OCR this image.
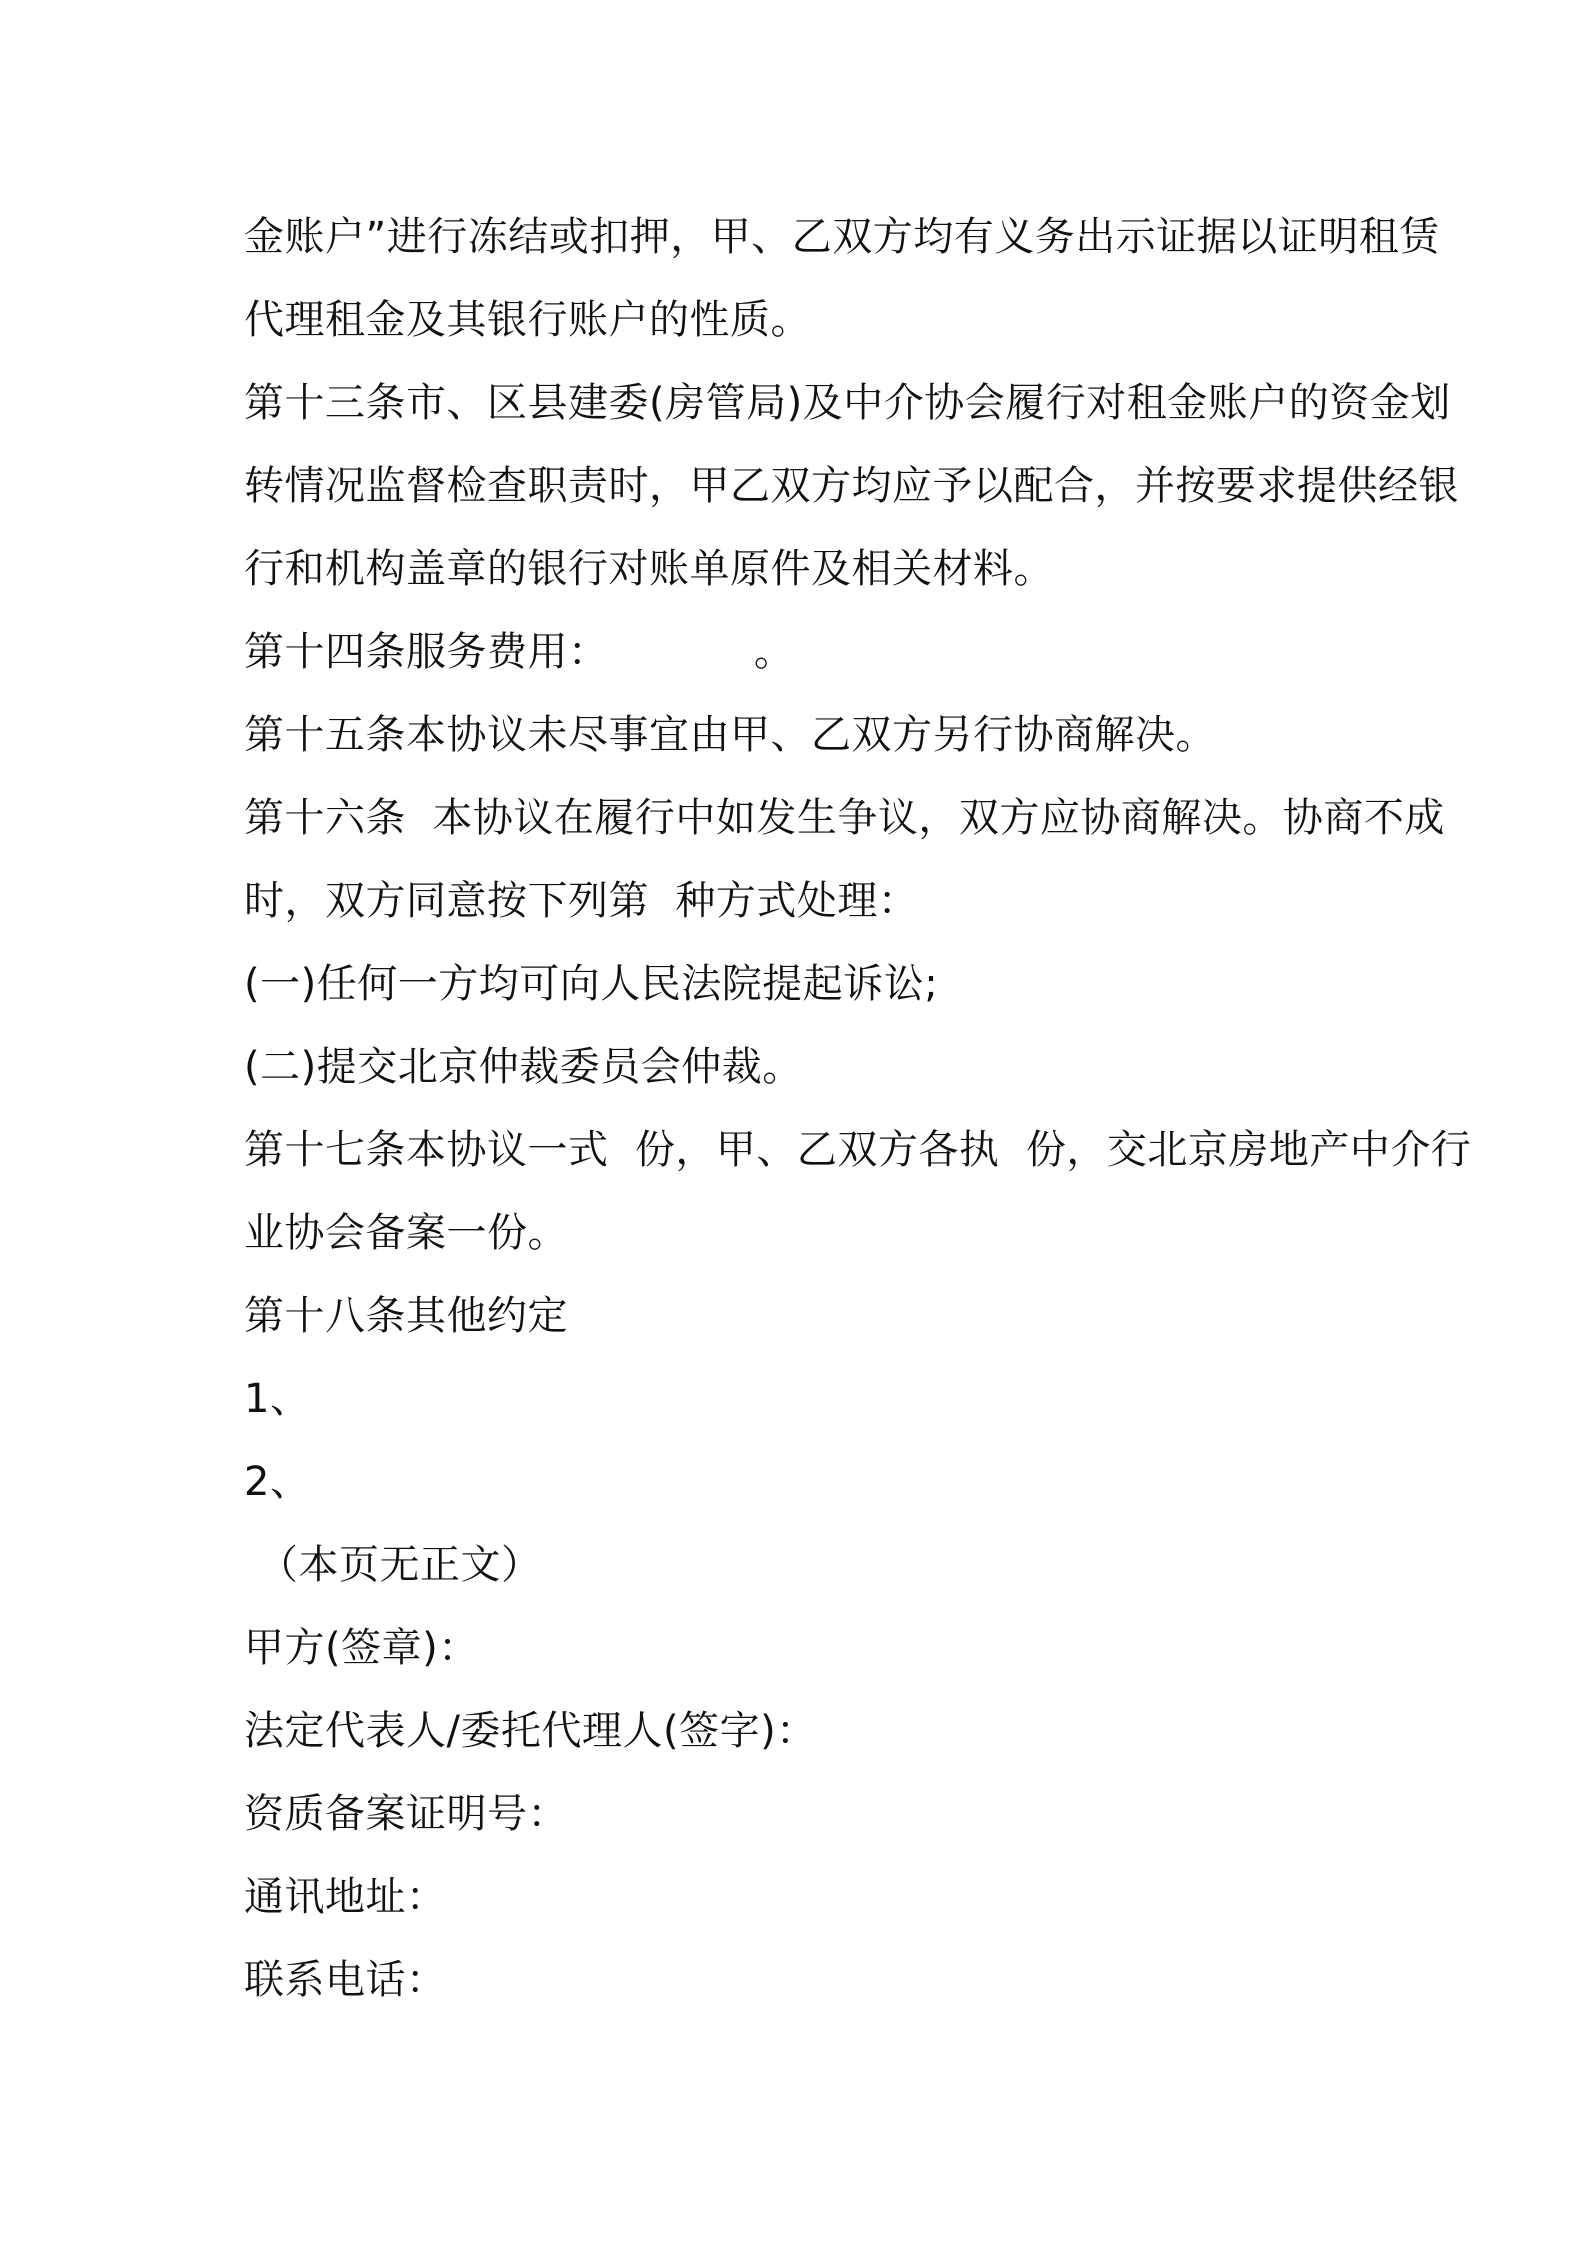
金账户”进行冻结或扣押，甲、乙双方均有义务出示证据以证明租赁
代理租金及其银行账户的性质。
第十三条市、区县建委(房管局)及中介协会履行对租金账户的资金划
转情况监督检查职责时，甲乙双方均应予以配合，并按要求提供经银
行和机构盖章的银行对账单原件及相关材料。
第十四条服务费用：           。
第十五条本协议未尽事宜由甲、乙双方另行协商解决。
第十六条  本协议在履行中如发生争议，双方应协商解决。协商不成
时，双方同意按下列第  种方式处理：
(一)任何一方均可向人民法院提起诉讼;
(二)提交北京仲裁委员会仲裁。
第十七条本协议一式  份，甲、乙双方各执  份，交北京房地产中介行
业协会备案一份。
第十八条其他约定
1、
2、
（本页无正文）
甲方(签章)：
法定代表人/委托代理人(签字)：
资质备案证明号：
通讯地址：
联系电话：
